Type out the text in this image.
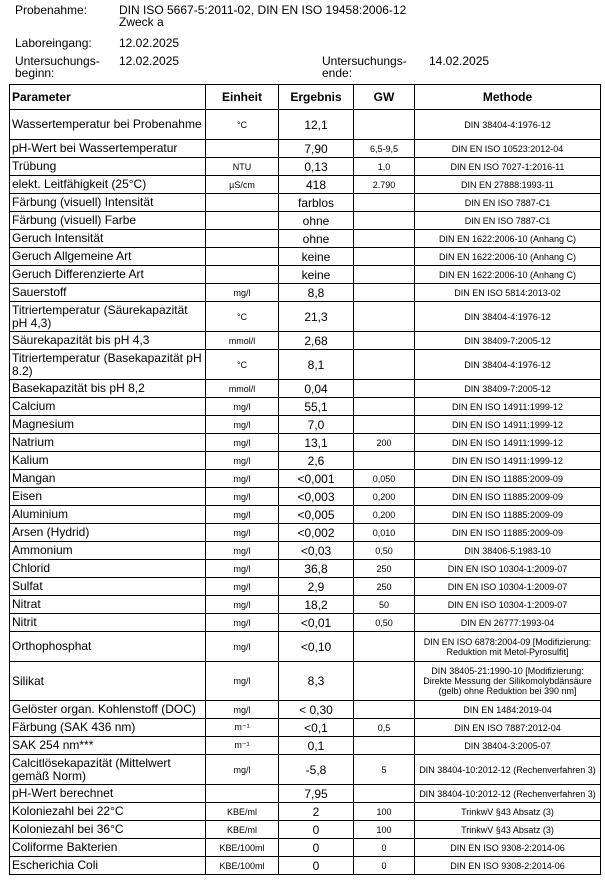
Probenahme:	DIN ISO 5667-5:2011-02, DIN EN ISO 19458:2006-12
Zweck a
Laboreingang: 12.02.2025
Untersuchungs-
beginn:
12.02.2025	Untersuchungs-
ende:
14.02.2025
Parameter	Einheit	Ergebnis	GW	Methode
Wassertemperatur bei Probenahme	°C	12,1		DIN 38404-4:1976-12
pH-Wert bei Wassertemperatur		7,90	6,5-9,5	DIN EN ISO 10523:2012-04
Trübung	NTU	0,13	1,0	DIN EN ISO 7027-1:2016-11
elekt. Leitfähigkeit (25°C)	µS/cm	418	2.790	DIN EN 27888:1993-11
Färbung (visuell) Intensität		farblos		DIN EN ISO 7887-C1
Färbung (visuell) Farbe		ohne		DIN EN ISO 7887-C1
Geruch Intensität		ohne		DIN EN 1622:2006-10 (Anhang C)
Geruch Allgemeine Art		keine		DIN EN 1622:2006-10 (Anhang C)
Geruch Differenzierte Art		keine		DIN EN 1622:2006-10 (Anhang C)
Sauerstoff	mg/l	8,8		DIN EN ISO 5814:2013-02
Titriertemperatur (Säurekapazität pH 4,3)	°C	21,3		DIN 38404-4:1976-12
Säurekapazität bis pH 4,3	mmol/l	2,68		DIN 38409-7:2005-12
Titriertemperatur (Basekapazität pH 8.2)	°C	8,1		DIN 38404-4:1976-12
Basekapazität bis pH 8,2	mmol/l	0,04		DIN 38409-7:2005-12
Calcium	mg/l	55,1		DIN EN ISO 14911:1999-12
Magnesium	mg/l	7,0		DIN EN ISO 14911:1999-12
Natrium	mg/l	13,1	200	DIN EN ISO 14911:1999-12
Kalium	mg/l	2,6		DIN EN ISO 14911:1999-12
Mangan	mg/l	<0,001	0,050	DIN EN ISO 11885:2009-09
Eisen	mg/l	<0,003	0,200	DIN EN ISO 11885:2009-09
Aluminium	mg/l	<0,005	0,200	DIN EN ISO 11885:2009-09
Arsen (Hydrid)	mg/l	<0,002	0,010	DIN EN ISO 11885:2009-09
Ammonium	mg/l	<0,03	0,50	DIN 38406-5:1983-10
Chlorid	mg/l	36,8	250	DIN EN ISO 10304-1:2009-07
Sulfat	mg/l	2,9	250	DIN EN ISO 10304-1:2009-07
Nitrat	mg/l	18,2	50	DIN EN ISO 10304-1:2009-07
Nitrit	mg/l	<0,01	0,50	DIN EN 26777:1993-04
Orthophosphat	mg/l	<0,10		DIN EN ISO 6878:2004-09 [Modifizierung: Reduktion mit Metol-Pyrosulfit]
Silikat	mg/l	8,3		DIN 38405-21:1990-10 [Modifizierung: Direkte Messung der Silikomolybdänsäure (gelb) ohne Reduktion bei 390 nm]
Gelöster organ. Kohlenstoff (DOC)	mg/l	< 0,30		DIN EN 1484:2019-04
Färbung (SAK 436 nm)	m⁻¹	<0,1	0,5	DIN EN ISO 7887:2012-04
SAK 254 nm***	m⁻¹	0,1		DIN 38404-3:2005-07
Calcitlösekapazität (Mittelwert gemäß Norm)	mg/l	-5,8	5	DIN 38404-10:2012-12 (Rechenverfahren 3)
pH-Wert berechnet		7,95		DIN 38404-10:2012-12 (Rechenverfahren 3)
Koloniezahl bei 22°C	KBE/ml	2	100	TrinkwV §43 Absatz (3)
Koloniezahl bei 36°C	KBE/ml	0	100	TrinkwV §43 Absatz (3)
Coliforme Bakterien	KBE/100ml	0	0	DIN EN ISO 9308-2:2014-06
Escherichia Coli	KBE/100ml	0	0	DIN EN ISO 9308-2:2014-06
